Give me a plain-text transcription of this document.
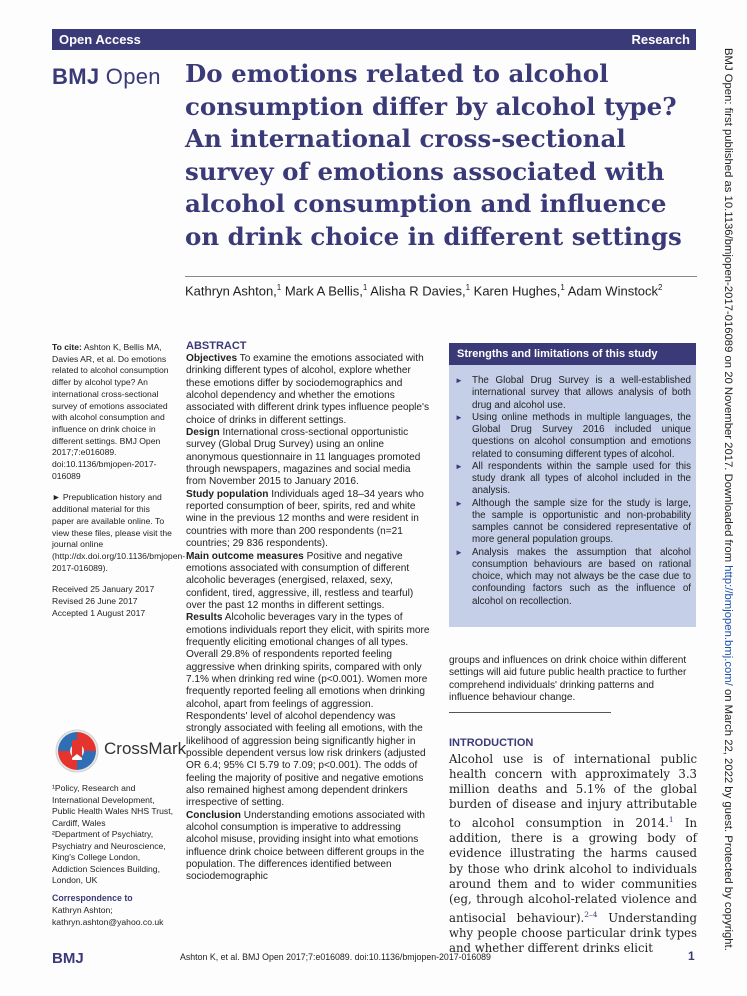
Open Access	Research
BMJ Open Do emotions related to alcohol consumption differ by alcohol type? An international cross-sectional survey of emotions associated with alcohol consumption and influence on drink choice in different settings
Kathryn Ashton,$^1$ Mark A Bellis,$^1$ Alisha R Davies,$^1$ Karen Hughes,$^1$ Adam Winstock$^2$

To cite: Ashton K, Bellis MA, Davies AR, et al. Do emotions related to alcohol consumption differ by alcohol type? An international cross-sectional survey of emotions associated with alcohol consumption and influence on drink choice in different settings. BMJ Open 2017;7:e016089. doi:10.1136/bmjopen-2017-016089

► Prepublication history and additional material for this paper are available online. To view these files, please visit the journal online (http://dx.doi.org/10.1136/bmjopen-2017-016089).

Received 25 January 2017

Revised 26 June 2017

Accepted 1 August 2017

CrossMark
¹Policy, Research and International Development, Public Health Wales NHS Trust, Cardiff, Wales
²Department of Psychiatry, Psychiatry and Neuroscience, King's College London, Addiction Sciences Building, London, UK
Correspondence to
Kathryn Ashton;
kathryn.ashton@yahoo.co.uk
ABSTRACT

Objectives To examine the emotions associated with drinking different types of alcohol, explore whether these emotions differ by sociodemographics and alcohol dependency and whether the emotions associated with different drink types influence people's choice of drinks in different settings.

Design International cross-sectional opportunistic survey (Global Drug Survey) using an online anonymous questionnaire in 11 languages promoted through newspapers, magazines and social media from November 2015 to January 2016.

Study population Individuals aged 18–34 years who reported consumption of beer, spirits, red and white wine in the previous 12 months and were resident in countries with more than 200 respondents (n=21 countries; 29 836 respondents).

Main outcome measures Positive and negative emotions associated with consumption of different alcoholic beverages (energised, relaxed, sexy, confident, tired, aggressive, ill, restless and tearful) over the past 12 months in different settings.

Results Alcoholic beverages vary in the types of emotions individuals report they elicit, with spirits more frequently eliciting emotional changes of all types. Overall 29.8% of respondents reported feeling aggressive when drinking spirits, compared with only 7.1% when drinking red wine (p<0.001). Women more frequently reported feeling all emotions when drinking alcohol, apart from feelings of aggression. Respondents' level of alcohol dependency was strongly associated with feeling all emotions, with the likelihood of aggression being significantly higher in possible dependent versus low risk drinkers (adjusted OR 6.4; 95% CI 5.79 to 7.09; p<0.001). The odds of feeling the majority of positive and negative emotions also remained highest among dependent drinkers irrespective of setting.

Conclusion Understanding emotions associated with alcohol consumption is imperative to addressing alcohol misuse, providing insight into what emotions influence drink choice between different groups in the population. The differences identified between sociodemographic

Strengths and limitations of this study
► The Global Drug Survey is a well-established international survey that allows analysis of both drug and alcohol use.
► Using online methods in multiple languages, the Global Drug Survey 2016 included unique questions on alcohol consumption and emotions related to consuming different types of alcohol.
► All respondents within the sample used for this study drank all types of alcohol included in the analysis.
► Although the sample size for the study is large, the sample is opportunistic and non-probability samples cannot be considered representative of more general population groups.
► Analysis makes the assumption that alcohol consumption behaviours are based on rational choice, which may not always be the case due to confounding factors such as the influence of alcohol on recollection.
groups and influences on drink choice within different settings will aid future public health practice to further comprehend individuals' drinking patterns and influence behaviour change.
INTRODUCTION
Alcohol use is of international public health concern with approximately 3.3 million deaths and 5.1% of the global burden of disease and injury attributable to alcohol consumption in 2014.$^1$ In addition, there is a growing body of evidence illustrating the harms caused by those who drink alcohol to individuals around them and to wider communities (eg, through alcohol-related violence and antisocial behaviour).$^{2-4}$ Understanding why people choose particular drink types and whether different drinks elicit
BMJ	Ashton K, et al. BMJ Open 2017;7:e016089. doi:10.1136/bmjopen-2017-016089	1
BMJ Open: first published as 10.1136/bmjopen-2017-016089 on 20 November 2017. Downloaded from http://bmjopen.bmj.com/ on March 22, 2022 by guest. Protected by copyright.
